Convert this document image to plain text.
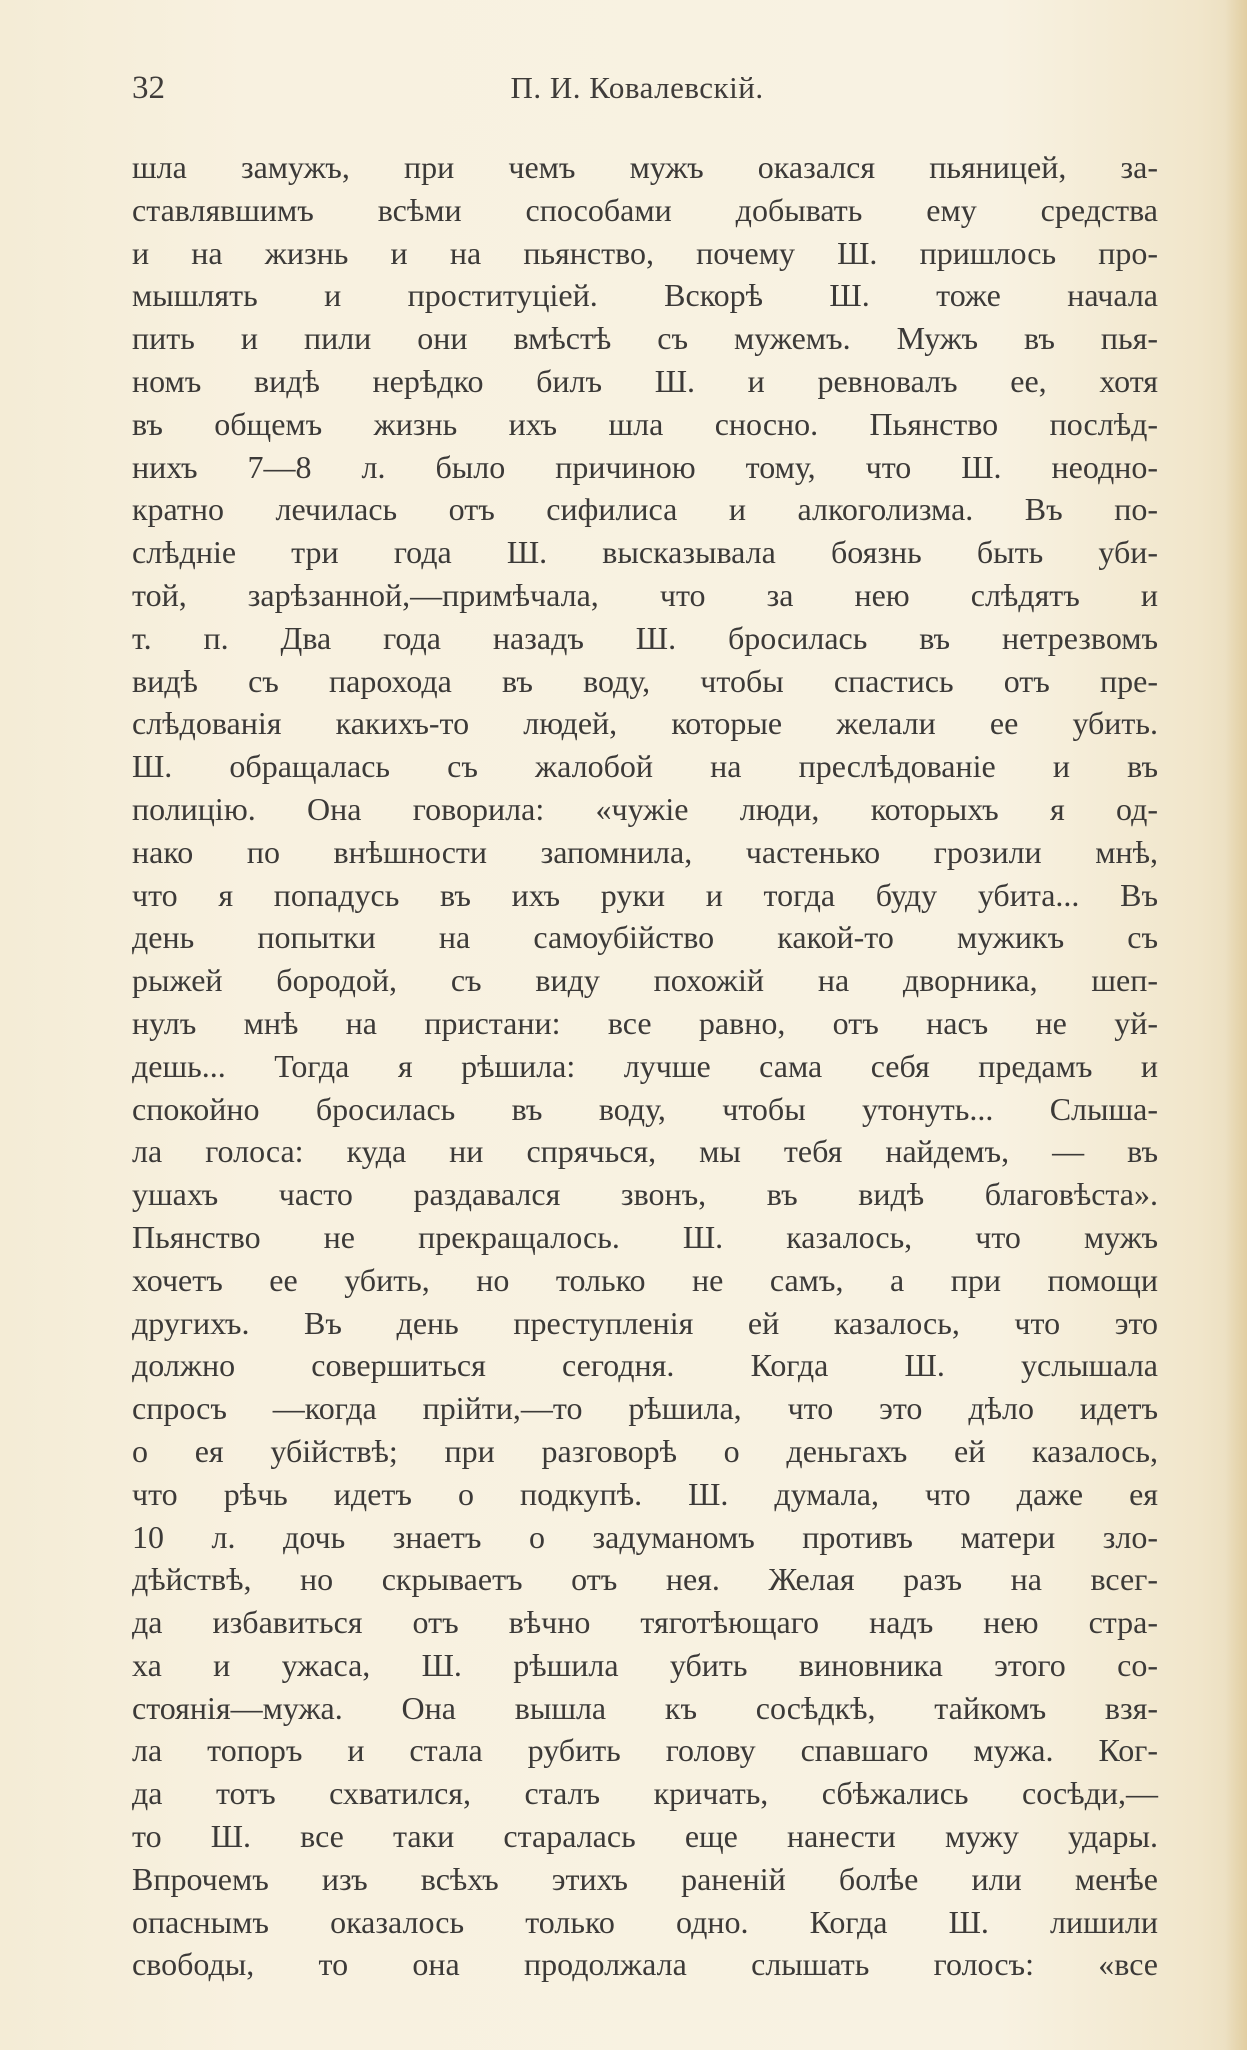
32	П. И. Ковалевскій.
шла замужъ, при чемъ мужъ оказался пьяницей, за-
ставлявшимъ всѣми способами добывать ему средства
и на жизнь и на пьянство, почему Ш. пришлось про-
мышлять и проституціей. Вскорѣ Ш. тоже начала
пить и пили они вмѣстѣ съ мужемъ. Мужъ въ пья-
номъ видѣ нерѣдко билъ Ш. и ревновалъ ее, хотя
въ общемъ жизнь ихъ шла сносно. Пьянство послѣд-
нихъ 7—8 л. было причиною тому, что Ш. неодно-
кратно лечилась отъ сифилиса и алкоголизма. Въ по-
слѣдніе три года Ш. высказывала боязнь быть уби-
той, зарѣзанной,—примѣчала, что за нею слѣдятъ и
т. п. Два года назадъ Ш. бросилась въ нетрезвомъ
видѣ съ парохода въ воду, чтобы спастись отъ пре-
слѣдованія какихъ-то людей, которые желали ее убить.
Ш. обращалась съ жалобой на преслѣдованіе и въ
полицію. Она говорила: «чужіе люди, которыхъ я од-
нако по внѣшности запомнила, частенько грозили мнѣ,
что я попадусь въ ихъ руки и тогда буду убита... Въ
день попытки на самоубійство какой-то мужикъ съ
рыжей бородой, съ виду похожій на дворника, шеп-
нулъ мнѣ на пристани: все равно, отъ насъ не уй-
дешь... Тогда я рѣшила: лучше сама себя предамъ и
спокойно бросилась въ воду, чтобы утонуть... Слыша-
ла голоса: куда ни спрячься, мы тебя найдемъ, — въ
ушахъ часто раздавался звонъ, въ видѣ благовѣста».
Пьянство не прекращалось. Ш. казалось, что мужъ
хочетъ ее убить, но только не самъ, а при помощи
другихъ. Въ день преступленія ей казалось, что это
должно совершиться сегодня. Когда Ш. услышала
спросъ —когда прійти,—то рѣшила, что это дѣло идетъ
о ея убійствѣ; при разговорѣ о деньгахъ ей казалось,
что рѣчь идетъ о подкупѣ. Ш. думала, что даже ея
10 л. дочь знаетъ о задуманомъ противъ матери зло-
дѣйствѣ, но скрываетъ отъ нея. Желая разъ на всег-
да избавиться отъ вѣчно тяготѣющаго надъ нею стра-
ха и ужаса, Ш. рѣшила убить виновника этого со-
стоянія—мужа. Она вышла къ сосѣдкѣ, тайкомъ взя-
ла топоръ и стала рубить голову спавшаго мужа. Ког-
да тотъ схватился, сталъ кричать, сбѣжались сосѣди,—
то Ш. все таки старалась еще нанести мужу удары.
Впрочемъ изъ всѣхъ этихъ раненій болѣе или менѣе
опаснымъ оказалось только одно. Когда Ш. лишили
свободы, то она продолжала слышать голосъ: «все
